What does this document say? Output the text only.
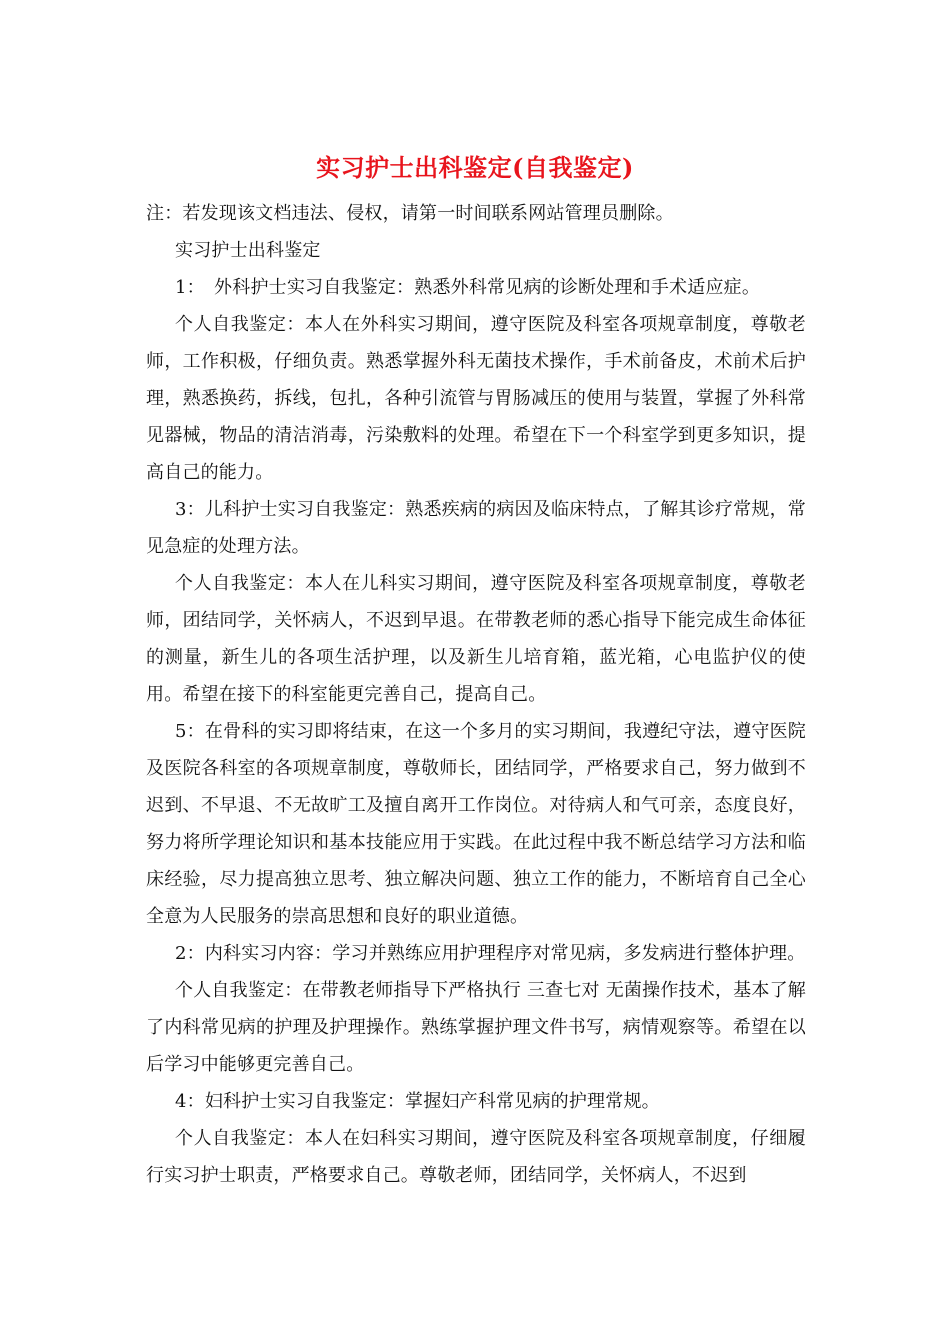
实习护士出科鉴定(自我鉴定)

注：若发现该文档违法、侵权，请第一时间联系网站管理员删除。

实习护士出科鉴定

1：　外科护士实习自我鉴定：熟悉外科常见病的诊断处理和手术适应症。

个人自我鉴定：本人在外科实习期间，遵守医院及科室各项规章制度，尊敬老师，工作积极，仔细负责。熟悉掌握外科无菌技术操作，手术前备皮，术前术后护理，熟悉换药，拆线，包扎，各种引流管与胃肠减压的使用与装置，掌握了外科常见器械，物品的清洁消毒，污染敷料的处理。希望在下一个科室学到更多知识，提高自己的能力。

3：儿科护士实习自我鉴定：熟悉疾病的病因及临床特点，了解其诊疗常规，常见急症的处理方法。

个人自我鉴定：本人在儿科实习期间，遵守医院及科室各项规章制度，尊敬老师，团结同学，关怀病人，不迟到早退。在带教老师的悉心指导下能完成生命体征的测量，新生儿的各项生活护理，以及新生儿培育箱，蓝光箱，心电监护仪的使用。希望在接下的科室能更完善自己，提高自己。

5：在骨科的实习即将结束，在这一个多月的实习期间，我遵纪守法，遵守医院及医院各科室的各项规章制度，尊敬师长，团结同学，严格要求自己，努力做到不迟到、不早退、不无故旷工及擅自离开工作岗位。对待病人和气可亲，态度良好，努力将所学理论知识和基本技能应用于实践。在此过程中我不断总结学习方法和临床经验，尽力提高独立思考、独立解决问题、独立工作的能力，不断培育自己全心全意为人民服务的崇高思想和良好的职业道德。

2：内科实习内容：学习并熟练应用护理程序对常见病，多发病进行整体护理。

个人自我鉴定：在带教老师指导下严格执行 三查七对 无菌操作技术，基本了解了内科常见病的护理及护理操作。熟练掌握护理文件书写，病情观察等。希望在以后学习中能够更完善自己。

4：妇科护士实习自我鉴定：掌握妇产科常见病的护理常规。

个人自我鉴定：本人在妇科实习期间，遵守医院及科室各项规章制度，仔细履行实习护士职责，严格要求自己。尊敬老师，团结同学，关怀病人，不迟到
